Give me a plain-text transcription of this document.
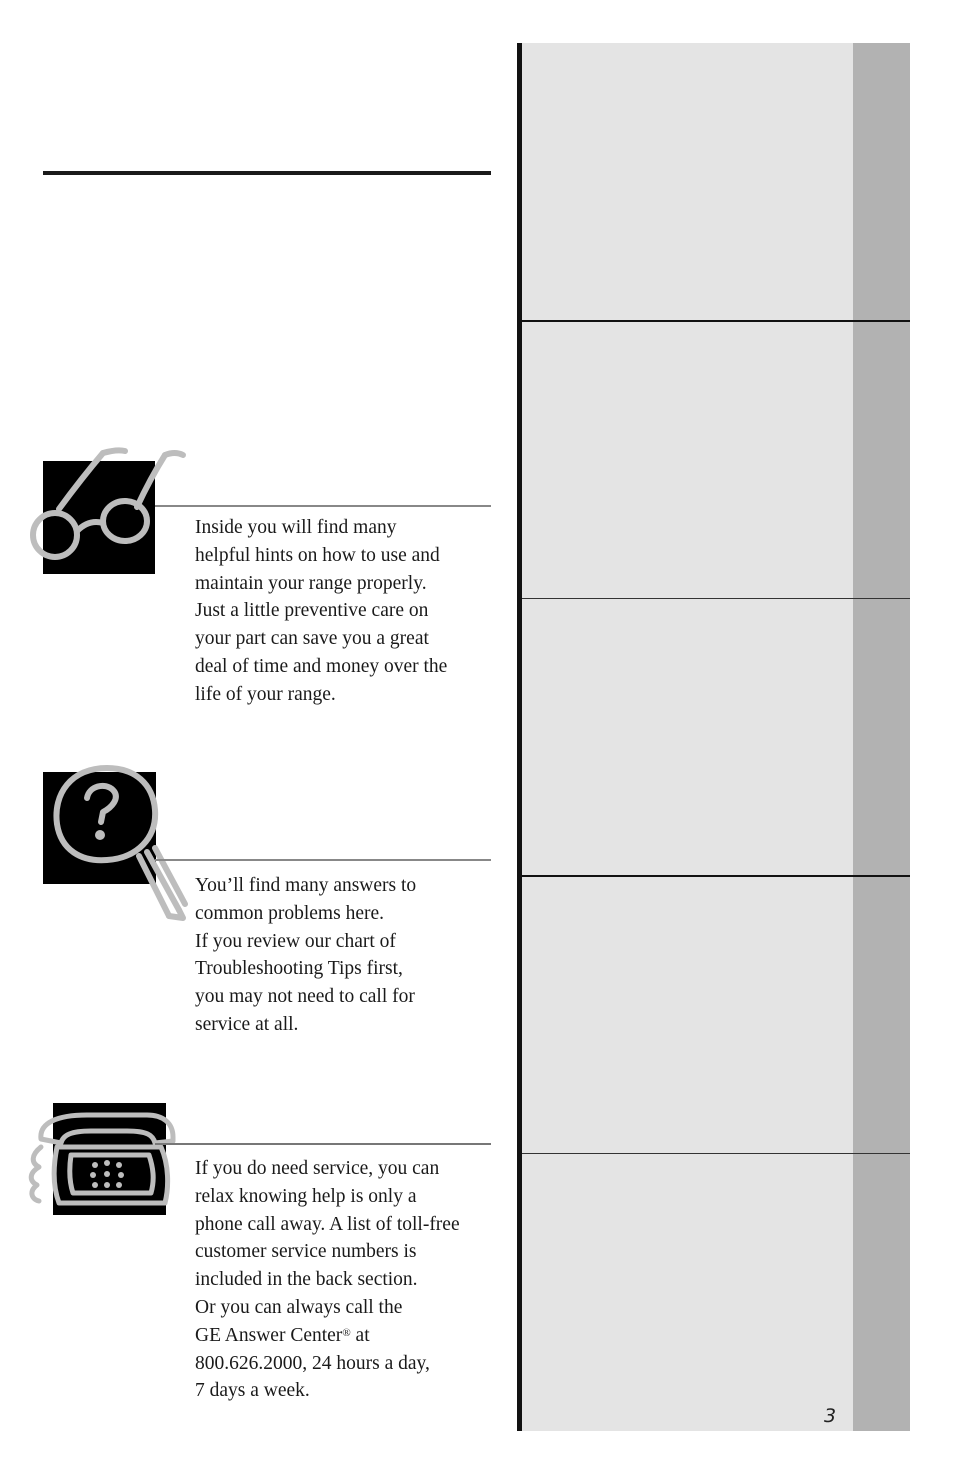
Inside you will find many
helpful hints on how to use and
maintain your range properly.
Just a little preventive care on
your part can save you a great
deal of time and money over the
life of your range.
You’ll find many answers to
common problems here.
If you review our chart of
Troubleshooting Tips first,
you may not need to call for
service at all.
If you do need service, you can
relax knowing help is only a
phone call away. A list of toll-free
customer service numbers is
included in the back section.
Or you can always call the
GE Answer Center® at
800.626.2000, 24 hours a day,
7 days a week.
3
